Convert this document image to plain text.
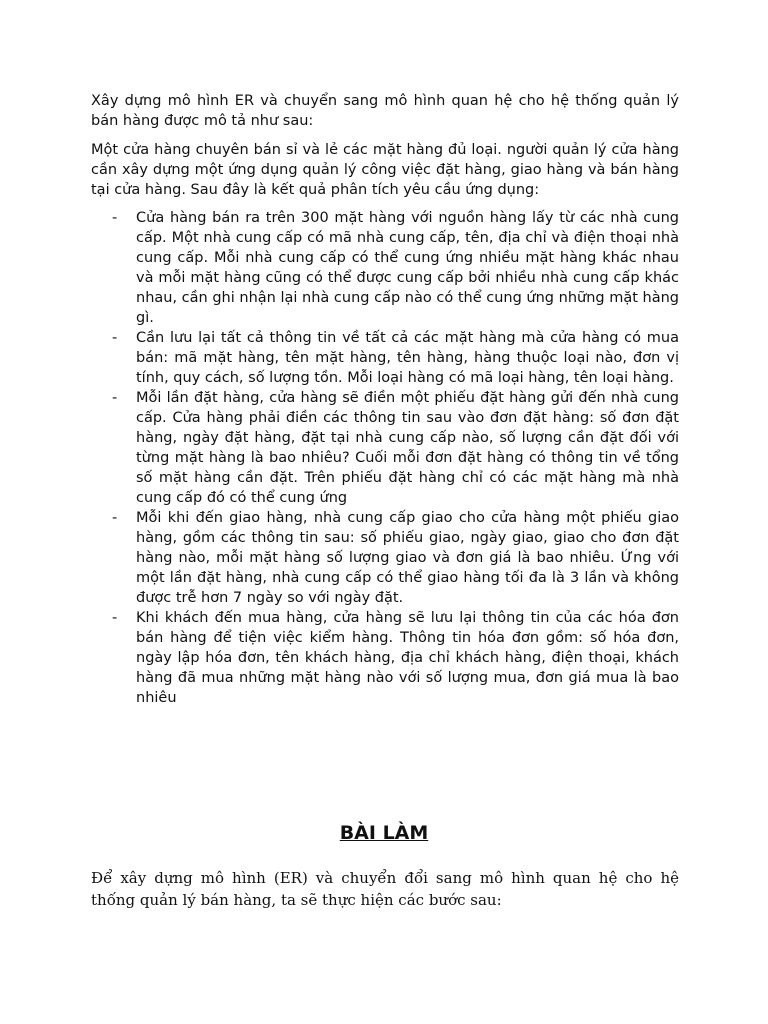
Xây dựng mô hình ER và chuyển sang mô hình quan hệ cho hệ thống quản lý bán hàng được mô tả như sau:

Một cửa hàng chuyên bán sỉ và lẻ các mặt hàng đủ loại. người quản lý cửa hàng cần xây dựng một ứng dụng quản lý công việc đặt hàng, giao hàng và bán hàng tại cửa hàng. Sau đây là kết quả phân tích yêu cầu ứng dụng:

- Cửa hàng bán ra trên 300 mặt hàng với nguồn hàng lấy từ các nhà cung cấp. Một nhà cung cấp có mã nhà cung cấp, tên, địa chỉ và điện thoại nhà cung cấp. Mỗi nhà cung cấp có thể cung ứng nhiều mặt hàng khác nhau và mỗi mặt hàng cũng có thể được cung cấp bởi nhiều nhà cung cấp khác nhau, cần ghi nhận lại nhà cung cấp nào có thể cung ứng những mặt hàng gì.
- Cần lưu lại tất cả thông tin về tất cả các mặt hàng mà cửa hàng có mua bán: mã mặt hàng, tên mặt hàng, tên hàng, hàng thuộc loại nào, đơn vị tính, quy cách, số lượng tồn. Mỗi loại hàng có mã loại hàng, tên loại hàng.
- Mỗi lần đặt hàng, cửa hàng sẽ điền một phiếu đặt hàng gửi đến nhà cung cấp. Cửa hàng phải điền các thông tin sau vào đơn đặt hàng: số đơn đặt hàng, ngày đặt hàng, đặt tại nhà cung cấp nào, số lượng cần đặt đối với từng mặt hàng là bao nhiêu? Cuối mỗi đơn đặt hàng có thông tin về tổng số mặt hàng cần đặt. Trên phiếu đặt hàng chỉ có các mặt hàng mà nhà cung cấp đó có thể cung ứng
- Mỗi khi đến giao hàng, nhà cung cấp giao cho cửa hàng một phiếu giao hàng, gồm các thông tin sau: số phiếu giao, ngày giao, giao cho đơn đặt hàng nào, mỗi mặt hàng số lượng giao và đơn giá là bao nhiêu. Ứng với một lần đặt hàng, nhà cung cấp có thể giao hàng tối đa là 3 lần và không được trễ hơn 7 ngày so với ngày đặt.
- Khi khách đến mua hàng, cửa hàng sẽ lưu lại thông tin của các hóa đơn bán hàng để tiện việc kiểm hàng. Thông tin hóa đơn gồm: số hóa đơn, ngày lập hóa đơn, tên khách hàng, địa chỉ khách hàng, điện thoại, khách hàng đã mua những mặt hàng nào với số lượng mua, đơn giá mua là bao nhiêu
BÀI LÀM

Để xây dựng mô hình (ER) và chuyển đổi sang mô hình quan hệ cho hệ thống quản lý bán hàng, ta sẽ thực hiện các bước sau:
